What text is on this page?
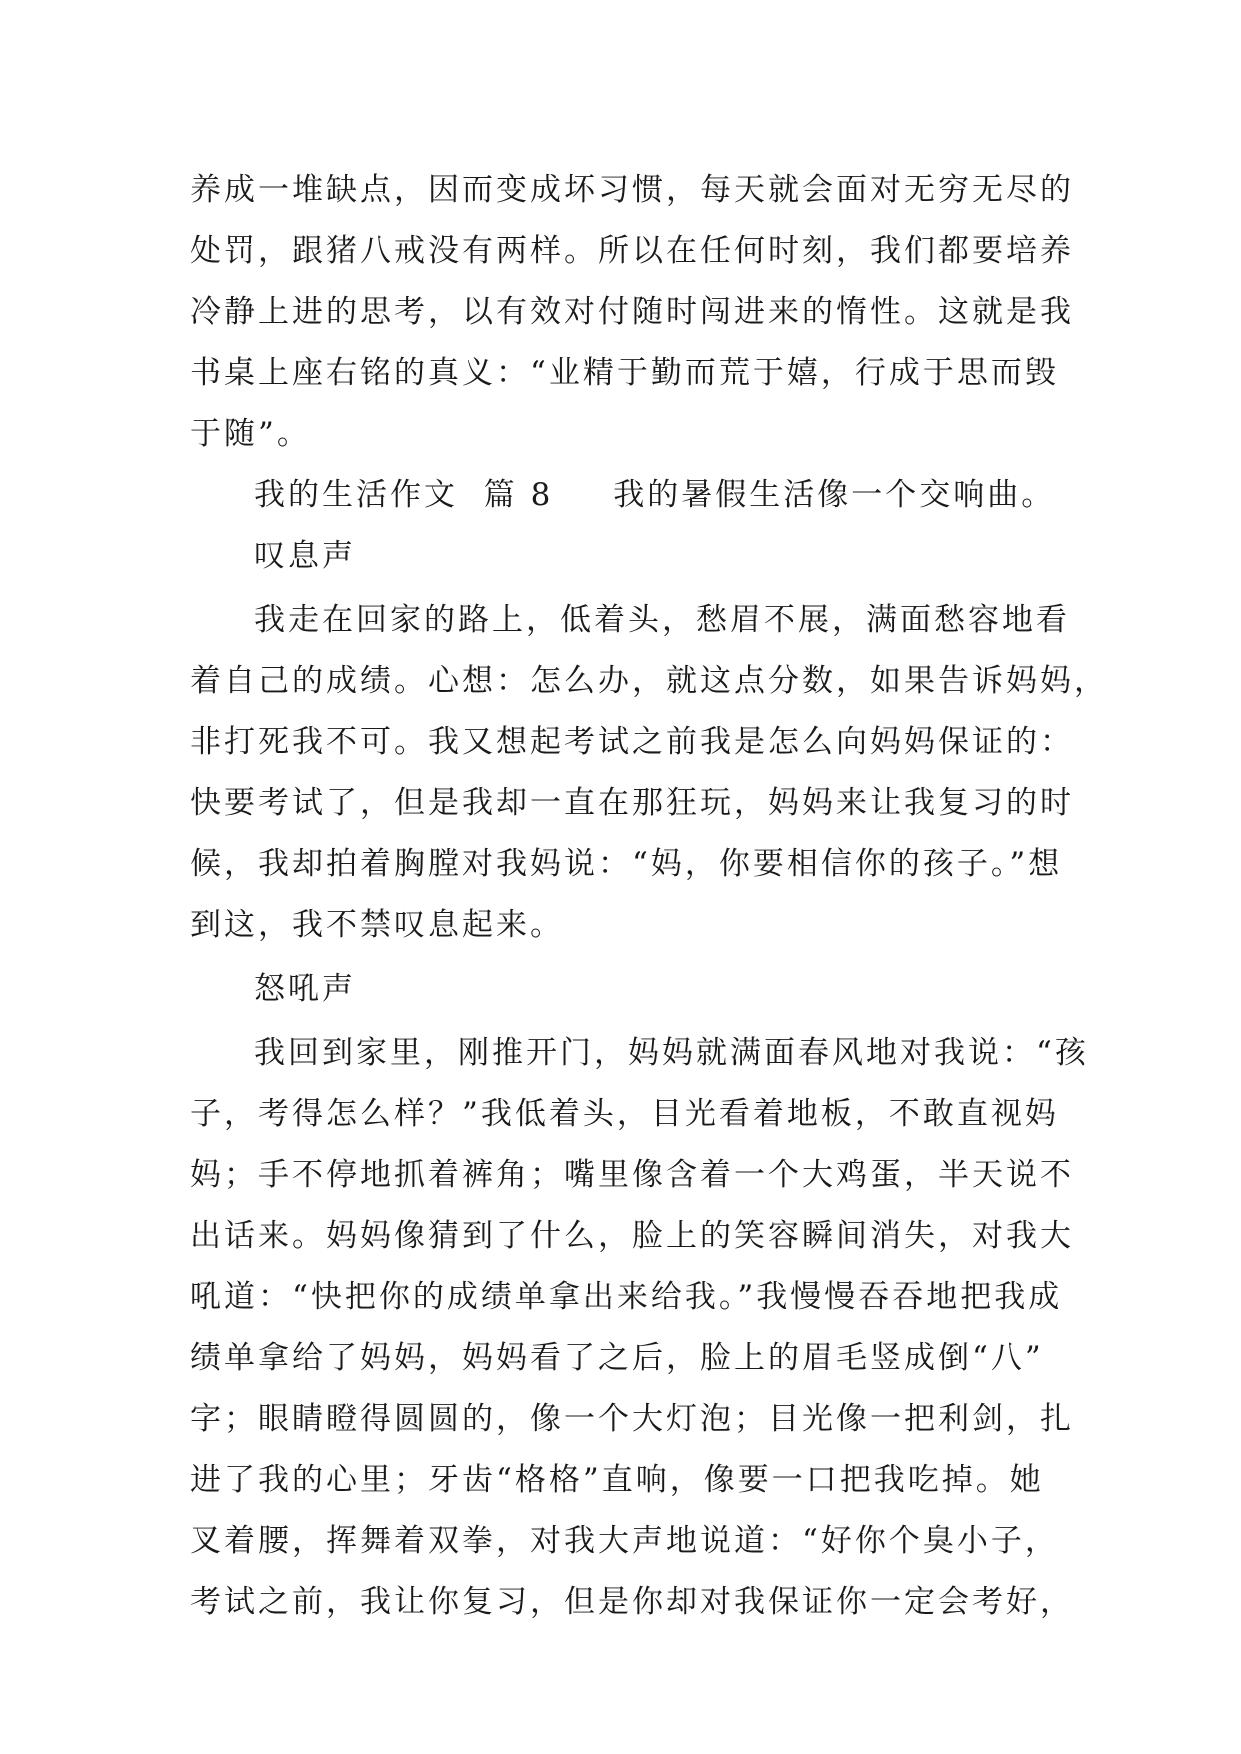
养成一堆缺点，因而变成坏习惯，每天就会面对无穷无尽的
处罚，跟猪八戒没有两样。所以在任何时刻，我们都要培养
冷静上进的思考，以有效对付随时闯进来的惰性。这就是我
书桌上座右铭的真义：“业精于勤而荒于嬉，行成于思而毁
于随”。
我的生活作文 篇 8 我的暑假生活像一个交响曲。
叹息声
我走在回家的路上，低着头，愁眉不展，满面愁容地看
着自己的成绩。心想：怎么办，就这点分数，如果告诉妈妈，
非打死我不可。我又想起考试之前我是怎么向妈妈保证的：
快要考试了，但是我却一直在那狂玩，妈妈来让我复习的时
候，我却拍着胸膛对我妈说：“妈，你要相信你的孩子。”想
到这，我不禁叹息起来。
怒吼声
我回到家里，刚推开门，妈妈就满面春风地对我说：“孩
子，考得怎么样？”我低着头，目光看着地板，不敢直视妈
妈；手不停地抓着裤角；嘴里像含着一个大鸡蛋，半天说不
出话来。妈妈像猜到了什么，脸上的笑容瞬间消失，对我大
吼道：“快把你的成绩单拿出来给我。”我慢慢吞吞地把我成
绩单拿给了妈妈，妈妈看了之后，脸上的眉毛竖成倒“八”
字；眼睛瞪得圆圆的，像一个大灯泡；目光像一把利剑，扎
进了我的心里；牙齿“格格”直响，像要一口把我吃掉。她
叉着腰，挥舞着双拳，对我大声地说道：“好你个臭小子，
考试之前，我让你复习，但是你却对我保证你一定会考好，
